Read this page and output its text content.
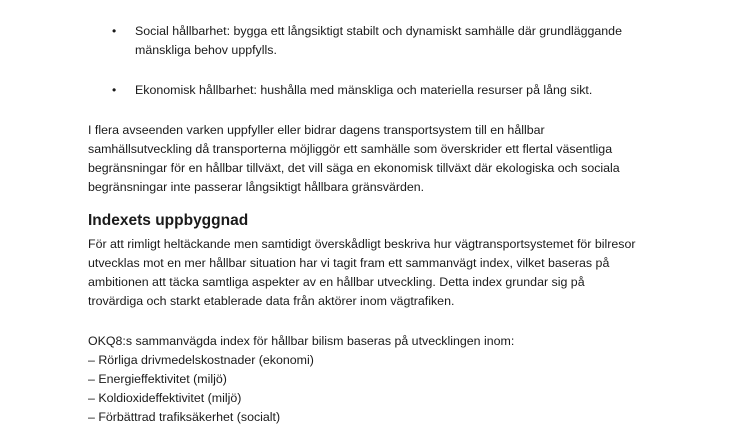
• Social hållbarhet: bygga ett långsiktigt stabilt och dynamiskt samhälle där grundläggande
mänskliga behov uppfylls.
• Ekonomisk hållbarhet: hushålla med mänskliga och materiella resurser på lång sikt.
I flera avseenden varken uppfyller eller bidrar dagens transportsystem till en hållbar
samhällsutveckling då transporterna möjliggör ett samhälle som överskrider ett flertal väsentliga
begränsningar för en hållbar tillväxt, det vill säga en ekonomisk tillväxt där ekologiska och sociala
begränsningar inte passerar långsiktigt hållbara gränsvärden.
Indexets uppbyggnad
För att rimligt heltäckande men samtidigt överskådligt beskriva hur vägtransportsystemet för bilresor
utvecklas mot en mer hållbar situation har vi tagit fram ett sammanvägt index, vilket baseras på
ambitionen att täcka samtliga aspekter av en hållbar utveckling. Detta index grundar sig på
trovärdiga och starkt etablerade data från aktörer inom vägtrafiken.

OKQ8:s sammanvägda index för hållbar bilism baseras på utvecklingen inom:

– Rörliga drivmedelskostnader (ekonomi)
– Energieffektivitet (miljö)
– Koldioxideffektivitet (miljö)
– Förbättrad trafiksäkerhet (socialt)
